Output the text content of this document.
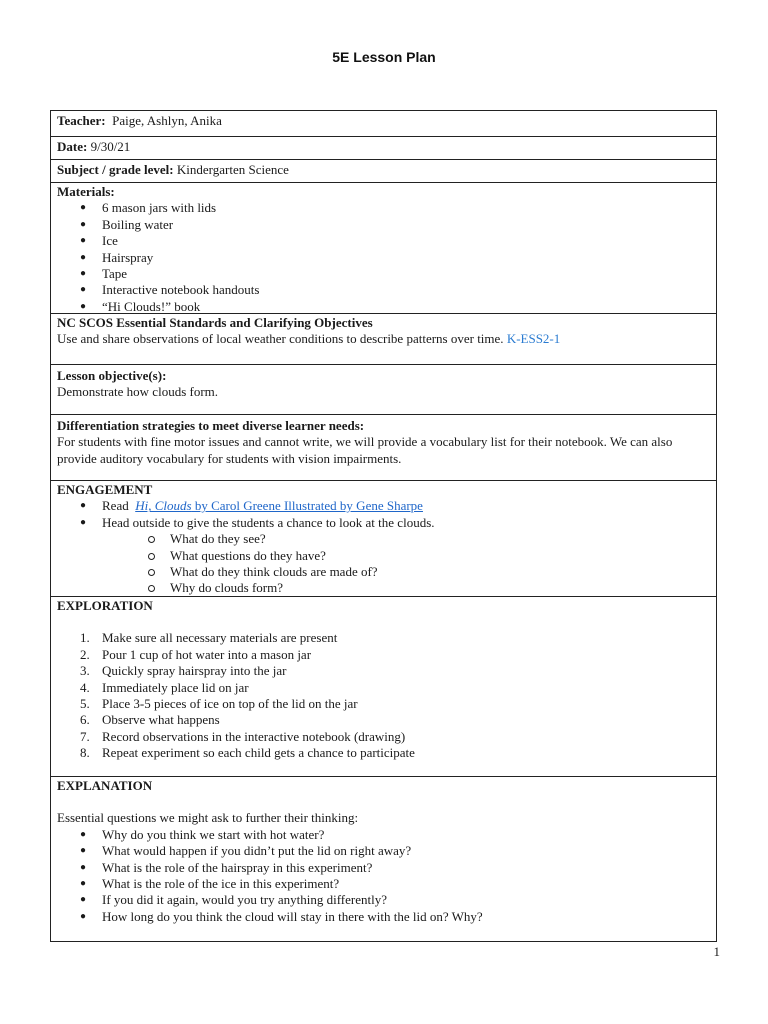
5E Lesson Plan
Teacher: Paige, Ashlyn, Anika
Date: 9/30/21
Subject / grade level: Kindergarten Science
Materials:
● 6 mason jars with lids
● Boiling water
● Ice
● Hairspray
● Tape
● Interactive notebook handouts
● “Hi Clouds!” book
NC SCOS Essential Standards and Clarifying Objectives
Use and share observations of local weather conditions to describe patterns over time. K-ESS2-1
Lesson objective(s):
Demonstrate how clouds form.
Differentiation strategies to meet diverse learner needs:
For students with fine motor issues and cannot write, we will provide a vocabulary list for their notebook. We can also provide auditory vocabulary for students with vision impairments.
ENGAGEMENT
● Read Hi, Clouds by Carol Greene Illustrated by Gene Sharpe
● Head outside to give the students a chance to look at the clouds.
What do they see?
What questions do they have?
What do they think clouds are made of?
Why do clouds form?
EXPLORATION
1. Make sure all necessary materials are present
2. Pour 1 cup of hot water into a mason jar
3. Quickly spray hairspray into the jar
4. Immediately place lid on jar
5. Place 3-5 pieces of ice on top of the lid on the jar
6. Observe what happens
7. Record observations in the interactive notebook (drawing)
8. Repeat experiment so each child gets a chance to participate
EXPLANATION
Essential questions we might ask to further their thinking:
● Why do you think we start with hot water?
● What would happen if you didn’t put the lid on right away?
● What is the role of the hairspray in this experiment?
● What is the role of the ice in this experiment?
● If you did it again, would you try anything differently?
● How long do you think the cloud will stay in there with the lid on? Why?
1
